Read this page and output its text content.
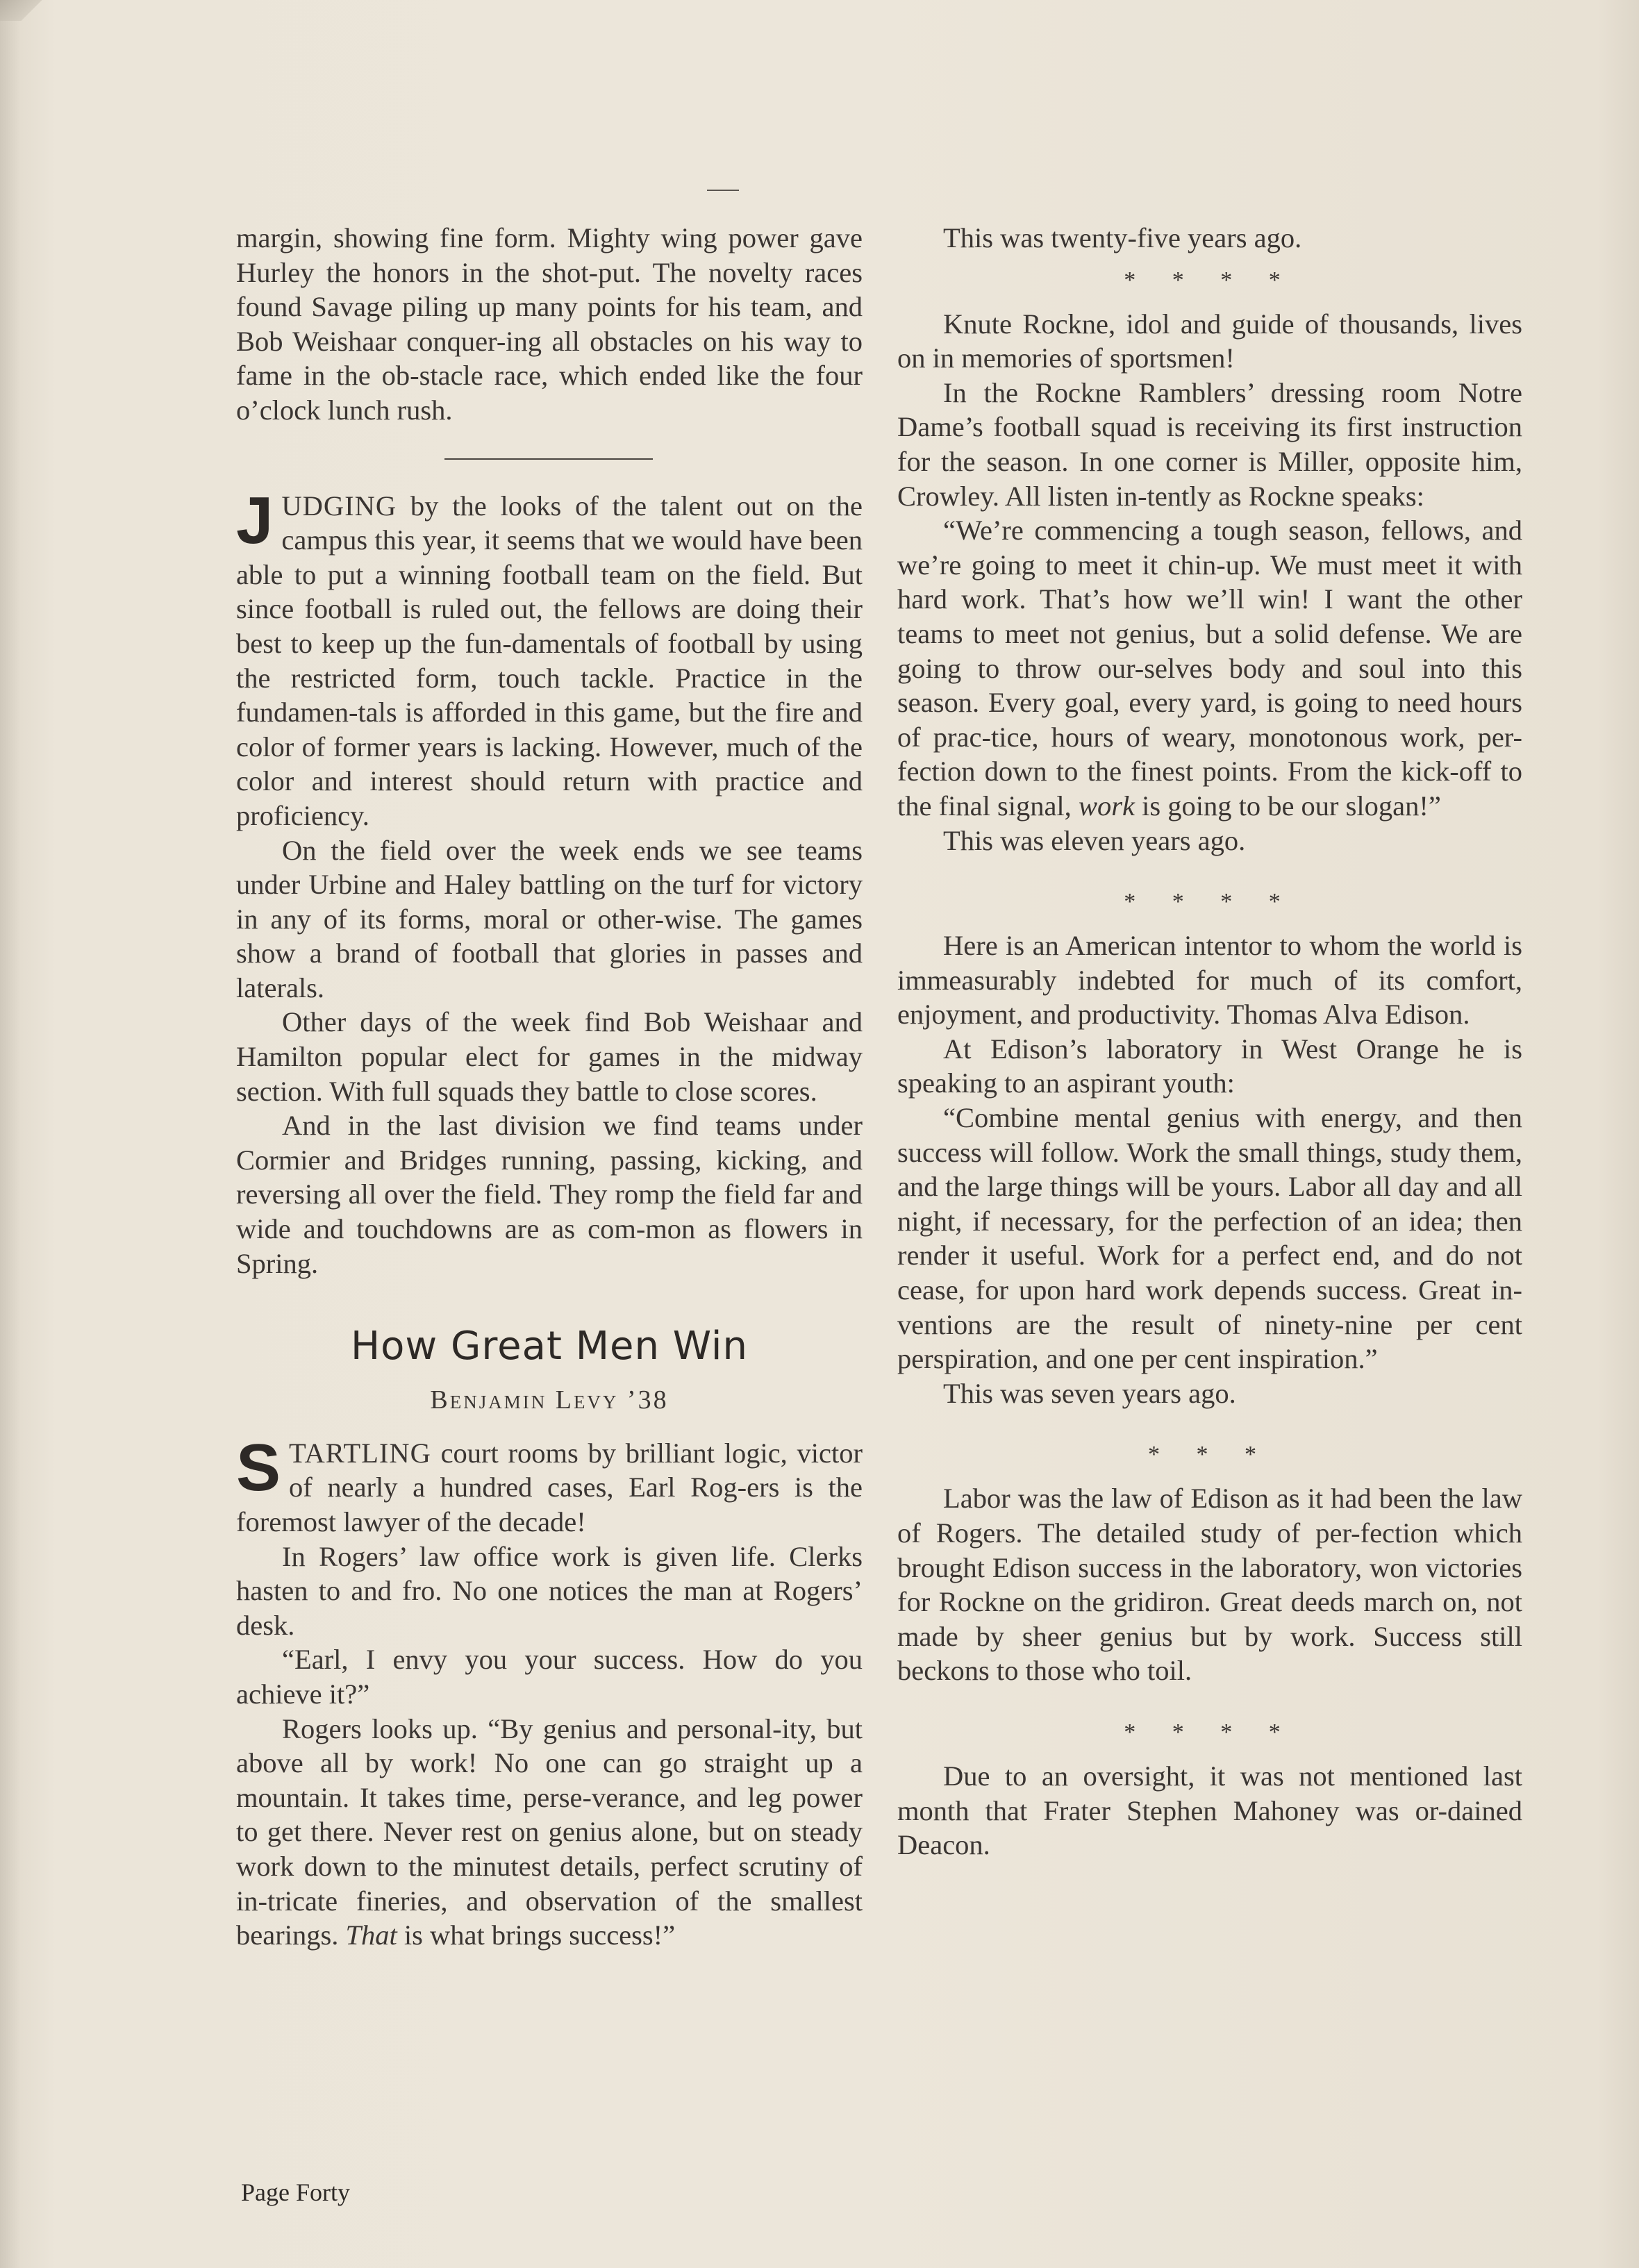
margin, showing fine form. Mighty wing power gave Hurley the honors in the shot-put. The novelty races found Savage piling up many points for his team, and Bob Weishaar conquer-ing all obstacles on his way to fame in the ob-stacle race, which ended like the four o’clock lunch rush.

JUDGING by the looks of the talent out on the campus this year, it seems that we would have been able to put a winning football team on the field. But since football is ruled out, the fellows are doing their best to keep up the fun-damentals of football by using the restricted form, touch tackle. Practice in the fundamen-tals is afforded in this game, but the fire and color of former years is lacking. However, much of the color and interest should return with practice and proficiency.

On the field over the week ends we see teams under Urbine and Haley battling on the turf for victory in any of its forms, moral or other-wise. The games show a brand of football that glories in passes and laterals.

Other days of the week find Bob Weishaar and Hamilton popular elect for games in the midway section. With full squads they battle to close scores.

And in the last division we find teams under Cormier and Bridges running, passing, kicking, and reversing all over the field. They romp the field far and wide and touchdowns are as com-mon as flowers in Spring.

How Great Men Win
Benjamin Levy ’38

STARTLING court rooms by brilliant logic, victor of nearly a hundred cases, Earl Rog-ers is the foremost lawyer of the decade!

In Rogers’ law office work is given life. Clerks hasten to and fro. No one notices the man at Rogers’ desk.

“Earl, I envy you your success. How do you achieve it?”

Rogers looks up. “By genius and personal-ity, but above all by work! No one can go straight up a mountain. It takes time, perse-verance, and leg power to get there. Never rest on genius alone, but on steady work down to the minutest details, perfect scrutiny of in-tricate fineries, and observation of the smallest bearings. That is what brings success!”

This was twenty-five years ago.

* * * *

Knute Rockne, idol and guide of thousands, lives on in memories of sportsmen!

In the Rockne Ramblers’ dressing room Notre Dame’s football squad is receiving its first instruction for the season. In one corner is Miller, opposite him, Crowley. All listen in-tently as Rockne speaks:

“We’re commencing a tough season, fellows, and we’re going to meet it chin-up. We must meet it with hard work. That’s how we’ll win! I want the other teams to meet not genius, but a solid defense. We are going to throw our-selves body and soul into this season. Every goal, every yard, is going to need hours of prac-tice, hours of weary, monotonous work, per-fection down to the finest points. From the kick-off to the final signal, work is going to be our slogan!”

This was eleven years ago.

* * * *

Here is an American intentor to whom the world is immeasurably indebted for much of its comfort, enjoyment, and productivity. Thomas Alva Edison.

At Edison’s laboratory in West Orange he is speaking to an aspirant youth:

“Combine mental genius with energy, and then success will follow. Work the small things, study them, and the large things will be yours. Labor all day and all night, if necessary, for the perfection of an idea; then render it useful. Work for a perfect end, and do not cease, for upon hard work depends success. Great in-ventions are the result of ninety-nine per cent perspiration, and one per cent inspiration.”

This was seven years ago.

* * *

Labor was the law of Edison as it had been the law of Rogers. The detailed study of per-fection which brought Edison success in the laboratory, won victories for Rockne on the gridiron. Great deeds march on, not made by sheer genius but by work. Success still beckons to those who toil.

* * * *

Due to an oversight, it was not mentioned last month that Frater Stephen Mahoney was or-dained Deacon.

Page Forty
